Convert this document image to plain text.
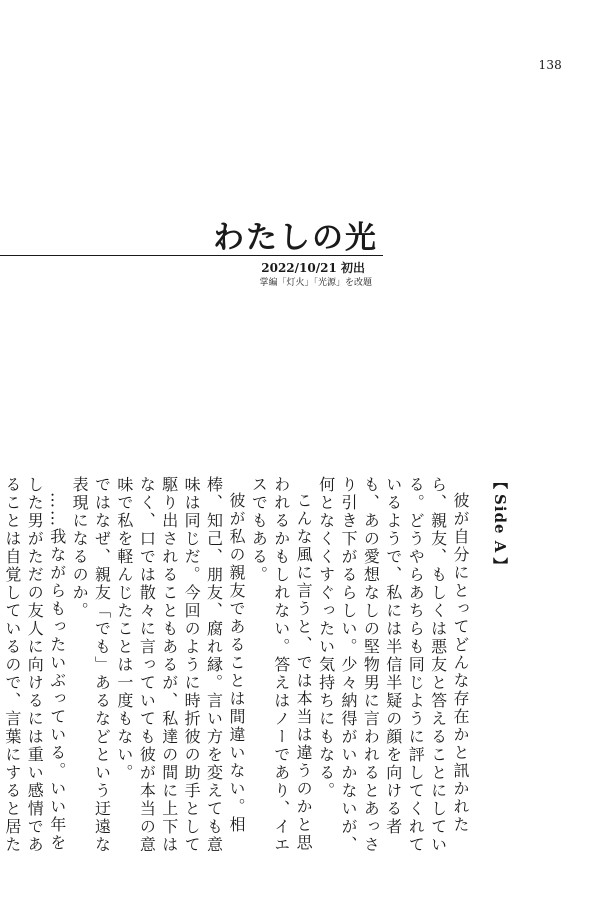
138
わたしの光
2022/10/21 初出
掌編「灯火」「光源」を改題
【Side A】

彼が自分にとってどんな存在かと訊かれたら、親友、もしくは悪友と答えることにしている。どうやらあちらも同じように評してくれているようで、私には半信半疑の顔を向ける者も、あの愛想なしの堅物男に言われるとあっさり引き下がるらしい。少々納得がいかないが、何となくくすぐったい気持ちにもなる。

こんな風に言うと、では本当は違うのかと思われるかもしれない。答えはノーであり、イエスでもある。

彼が私の親友であることは間違いない。相棒、知己、朋友、腐れ縁。言い方を変えても意味は同じだ。今回のように時折彼の助手として駆り出されることもあるが、私達の間に上下はなく、口では散々に言っていても彼が本当の意味で私を軽んじたことは一度もない。

ではなぜ、親友「でも」あるなどという迂遠な表現になるのか。

……我ながらもったいぶっている。いい年をした男がただの友人に向けるには重い感情であることは自覚しているので、言葉にすると居た
